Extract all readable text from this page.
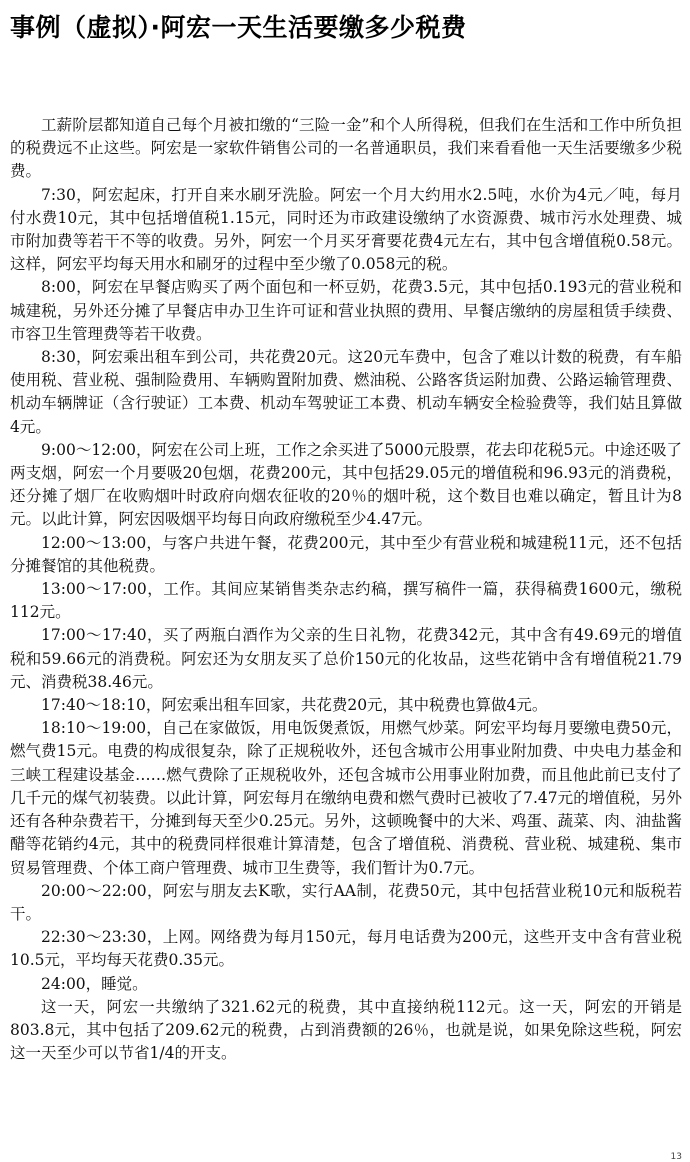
事例（虚拟）·阿宏一天生活要缴多少税费

工薪阶层都知道自己每个月被扣缴的“三险一金”和个人所得税，但我们在生活和工作中所负担的税费远不止这些。阿宏是一家软件销售公司的一名普通职员，我们来看看他一天生活要缴多少税费。

7:30，阿宏起床，打开自来水刷牙洗脸。阿宏一个月大约用水2.5吨，水价为4元／吨，每月付水费10元，其中包括增值税1.15元，同时还为市政建设缴纳了水资源费、城市污水处理费、城市附加费等若干不等的收费。另外，阿宏一个月买牙膏要花费4元左右，其中包含增值税0.58元。这样，阿宏平均每天用水和刷牙的过程中至少缴了0.058元的税。

8:00，阿宏在早餐店购买了两个面包和一杯豆奶，花费3.5元，其中包括0.193元的营业税和城建税，另外还分摊了早餐店申办卫生许可证和营业执照的费用、早餐店缴纳的房屋租赁手续费、市容卫生管理费等若干收费。

8:30，阿宏乘出租车到公司，共花费20元。这20元车费中，包含了难以计数的税费，有车船使用税、营业税、强制险费用、车辆购置附加费、燃油税、公路客货运附加费、公路运输管理费、机动车辆牌证（含行驶证）工本费、机动车驾驶证工本费、机动车辆安全检验费等，我们姑且算做4元。

9:00～12:00，阿宏在公司上班，工作之余买进了5000元股票，花去印花税5元。中途还吸了两支烟，阿宏一个月要吸20包烟，花费200元，其中包括29.05元的增值税和96.93元的消费税，还分摊了烟厂在收购烟叶时政府向烟农征收的20％的烟叶税，这个数目也难以确定，暂且计为8元。以此计算，阿宏因吸烟平均每日向政府缴税至少4.47元。

12:00～13:00，与客户共进午餐，花费200元，其中至少有营业税和城建税11元，还不包括分摊餐馆的其他税费。

13:00～17:00，工作。其间应某销售类杂志约稿，撰写稿件一篇，获得稿费1600元，缴税112元。

17:00～17:40，买了两瓶白酒作为父亲的生日礼物，花费342元，其中含有49.69元的增值税和59.66元的消费税。阿宏还为女朋友买了总价150元的化妆品，这些花销中含有增值税21.79元、消费税38.46元。

17:40～18:10，阿宏乘出租车回家，共花费20元，其中税费也算做4元。

18:10～19:00，自己在家做饭，用电饭煲煮饭，用燃气炒菜。阿宏平均每月要缴电费50元，燃气费15元。电费的构成很复杂，除了正规税收外，还包含城市公用事业附加费、中央电力基金和三峡工程建设基金……燃气费除了正规税收外，还包含城市公用事业附加费，而且他此前已支付了几千元的煤气初装费。以此计算，阿宏每月在缴纳电费和燃气费时已被收了7.47元的增值税，另外还有各种杂费若干，分摊到每天至少0.25元。另外，这顿晚餐中的大米、鸡蛋、蔬菜、肉、油盐酱醋等花销约4元，其中的税费同样很难计算清楚，包含了增值税、消费税、营业税、城建税、集市贸易管理费、个体工商户管理费、城市卫生费等，我们暂计为0.7元。

20:00～22:00，阿宏与朋友去K歌，实行AA制，花费50元，其中包括营业税10元和版税若干。

22:30～23:30，上网。网络费为每月150元，每月电话费为200元，这些开支中含有营业税10.5元，平均每天花费0.35元。

24:00，睡觉。

这一天，阿宏一共缴纳了321.62元的税费，其中直接纳税112元。这一天，阿宏的开销是803.8元，其中包括了209.62元的税费，占到消费额的26％，也就是说，如果免除这些税，阿宏这一天至少可以节省1/4的开支。

13
